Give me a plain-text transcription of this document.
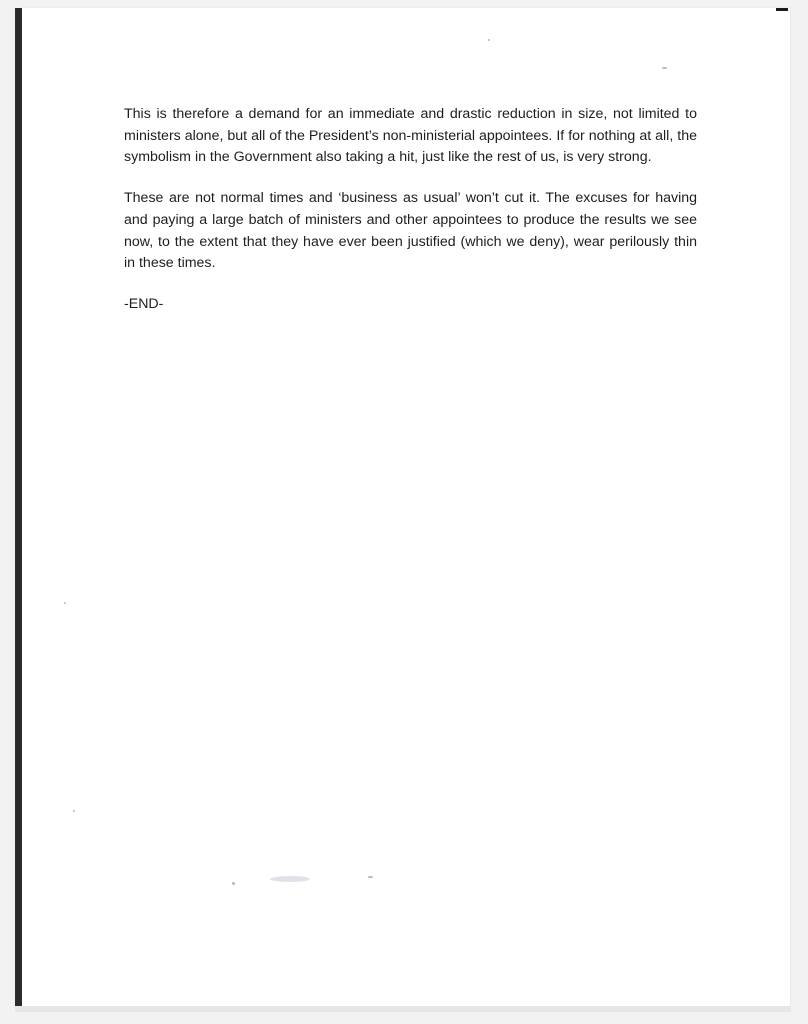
This is therefore a demand for an immediate and drastic reduction in size, not limited to ministers alone, but all of the President’s non-ministerial appointees. If for nothing at all, the symbolism in the Government also taking a hit, just like the rest of us, is very strong.

These are not normal times and ‘business as usual’ won’t cut it. The excuses for having and paying a large batch of ministers and other appointees to produce the results we see now, to the extent that they have ever been justified (which we deny), wear perilously thin in these times.

-END-
